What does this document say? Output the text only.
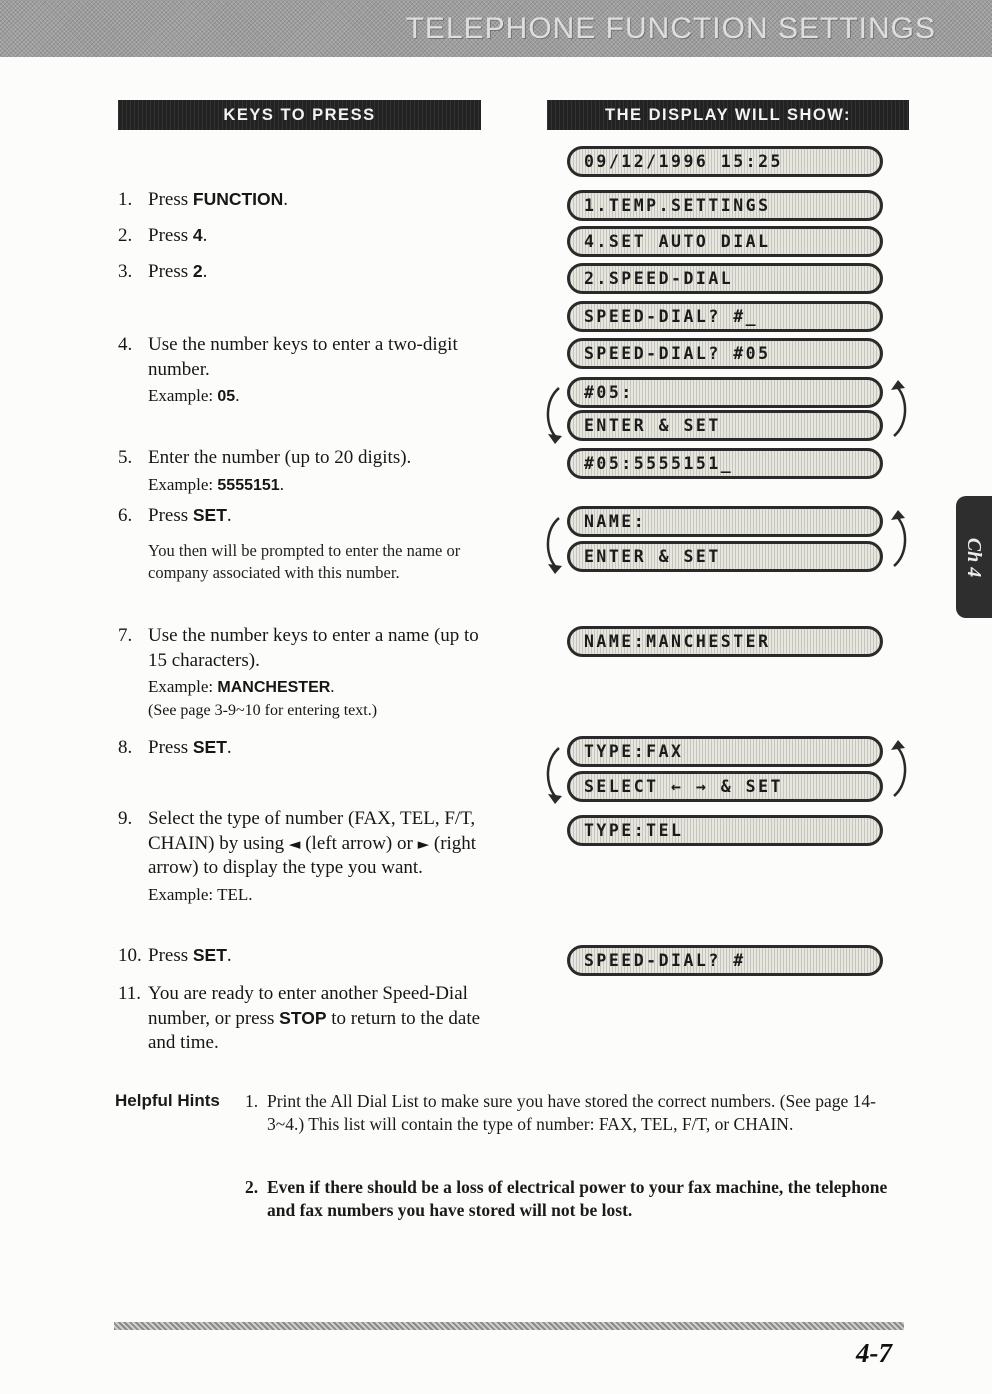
TELEPHONE FUNCTION SETTINGS
KEYS TO PRESS	THE DISPLAY WILL SHOW:
09/12/1996 15:25
1.TEMP.SETTINGS
4.SET AUTO DIAL
2.SPEED-DIAL
SPEED-DIAL? #_
SPEED-DIAL? #05
#05:
ENTER & SET
#05:5555151_
NAME:
ENTER & SET
NAME:MANCHESTER
TYPE:FAX
SELECT ← → & SET
TYPE:TEL
SPEED-DIAL? #
1. Press FUNCTION.
2. Press 4.
3. Press 2.
4. Use the number keys to enter a two-digit number.
Example: 05.
5. Enter the number (up to 20 digits).
Example: 5555151.
6. Press SET.
You then will be prompted to enter the name or company associated with this number.
7. Use the number keys to enter a name (up to 15 characters).
Example: MANCHESTER.
(See page 3-9~10 for entering text.)
8. Press SET.
9. Select the type of number (FAX, TEL, F/T, CHAIN) by using ◄ (left arrow) or ► (right arrow) to display the type you want.
Example: TEL.
10. Press SET.
11. You are ready to enter another Speed-Dial number, or press STOP to return to the date and time.
Helpful Hints 1. Print the All Dial List to make sure you have stored the correct numbers. (See page 14-3~4.) This list will contain the type of number: FAX, TEL, F/T, or CHAIN.
2. Even if there should be a loss of electrical power to your fax machine, the telephone and fax numbers you have stored will not be lost.
Ch 4
4-7
